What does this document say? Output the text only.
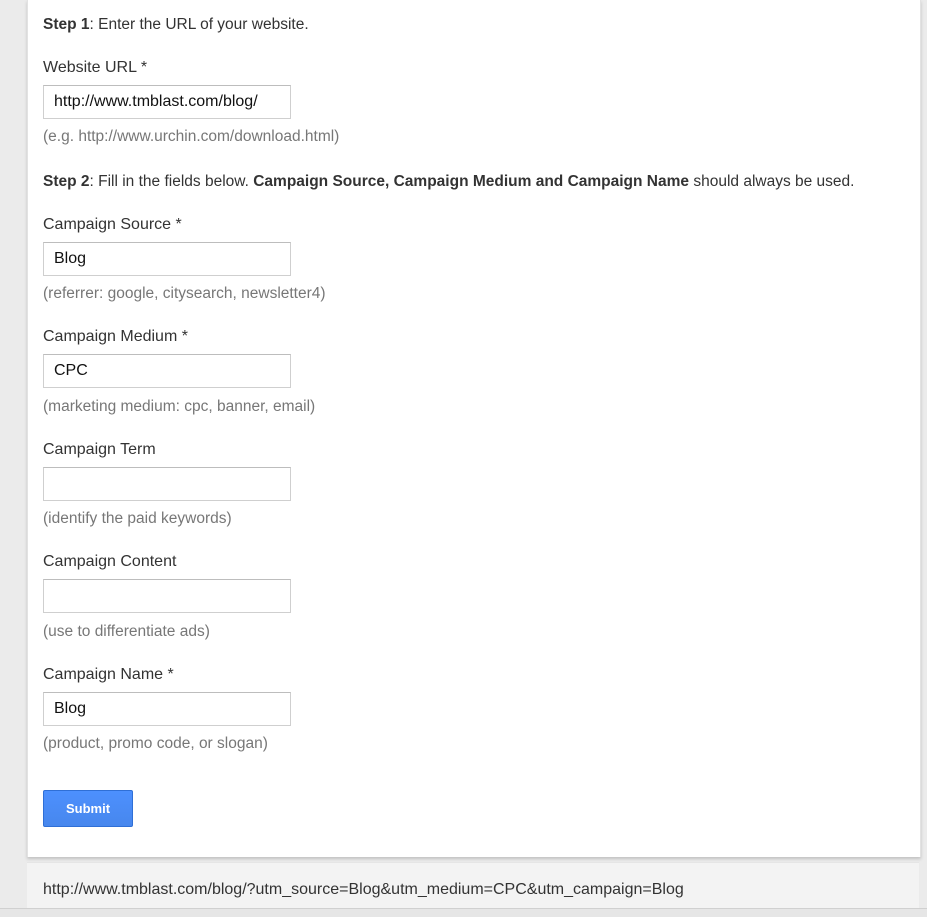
Step 1: Enter the URL of your website.
Website URL *
http://www.tmblast.com/blog/
(e.g. http://www.urchin.com/download.html)
Step 2: Fill in the fields below. Campaign Source, Campaign Medium and Campaign Name should always be used.
Campaign Source *
Blog
(referrer: google, citysearch, newsletter4)
Campaign Medium *
CPC
(marketing medium: cpc, banner, email)
Campaign Term
(identify the paid keywords)
Campaign Content
(use to differentiate ads)
Campaign Name *
Blog
(product, promo code, or slogan)
Submit
http://www.tmblast.com/blog/?utm_source=Blog&utm_medium=CPC&utm_campaign=Blog
